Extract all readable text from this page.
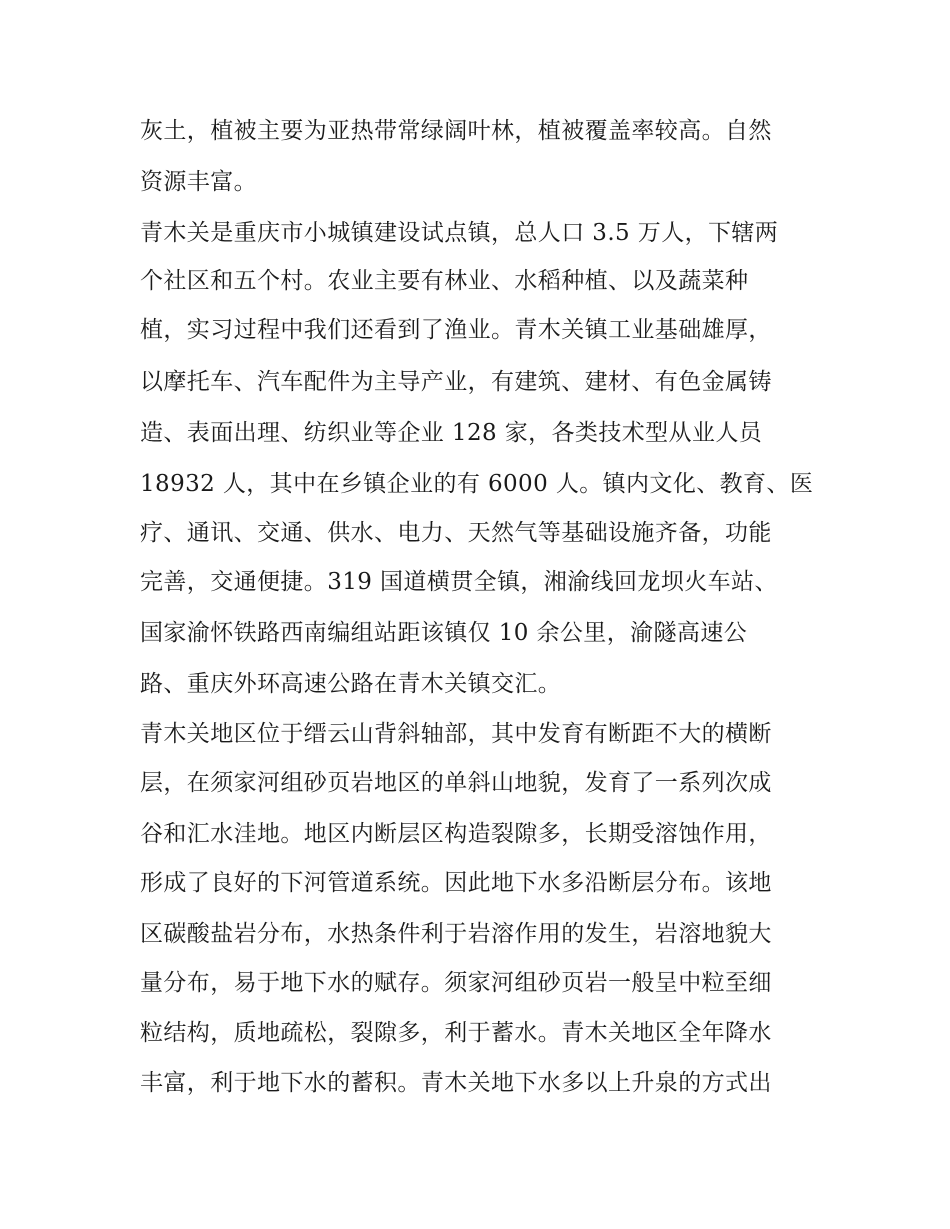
灰土，植被主要为亚热带常绿阔叶林，植被覆盖率较高。自然
资源丰富。
青木关是重庆市小城镇建设试点镇，总人口 3.5 万人，下辖两
个社区和五个村。农业主要有林业、水稻种植、以及蔬菜种
植，实习过程中我们还看到了渔业。青木关镇工业基础雄厚，
以摩托车、汽车配件为主导产业，有建筑、建材、有色金属铸
造、表面出理、纺织业等企业 128 家，各类技术型从业人员
18932 人，其中在乡镇企业的有 6000 人。镇内文化、教育、医
疗、通讯、交通、供水、电力、天然气等基础设施齐备，功能
完善，交通便捷。319 国道横贯全镇，湘渝线回龙坝火车站、
国家渝怀铁路西南编组站距该镇仅 10 余公里，渝隧高速公
路、重庆外环高速公路在青木关镇交汇。
青木关地区位于缙云山背斜轴部，其中发育有断距不大的横断
层，在须家河组砂页岩地区的单斜山地貌，发育了一系列次成
谷和汇水洼地。地区内断层区构造裂隙多，长期受溶蚀作用，
形成了良好的下河管道系统。因此地下水多沿断层分布。该地
区碳酸盐岩分布，水热条件利于岩溶作用的发生，岩溶地貌大
量分布，易于地下水的赋存。须家河组砂页岩一般呈中粒至细
粒结构，质地疏松，裂隙多，利于蓄水。青木关地区全年降水
丰富，利于地下水的蓄积。青木关地下水多以上升泉的方式出
